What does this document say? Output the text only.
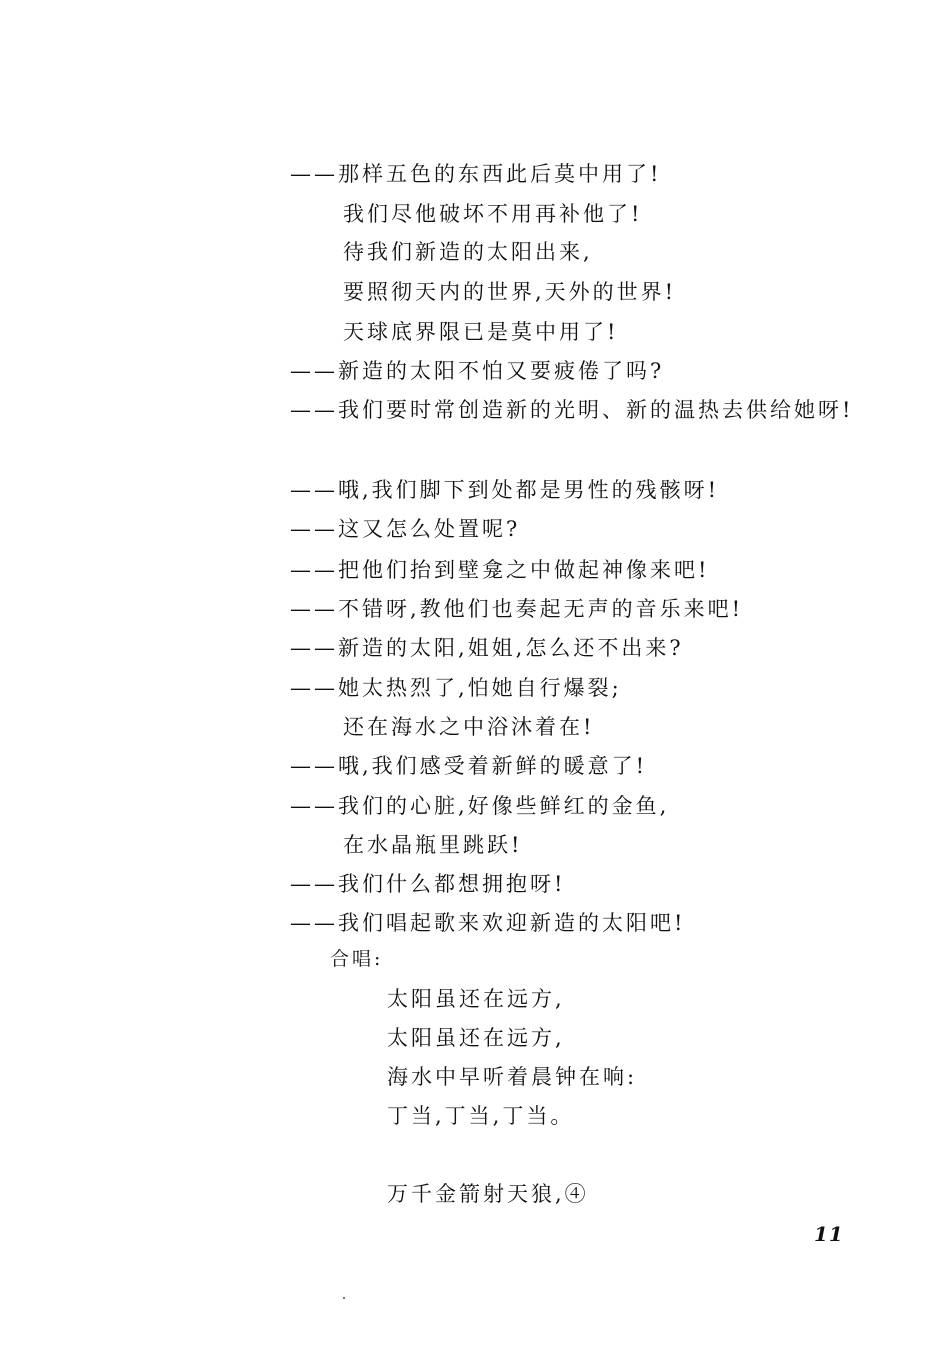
——那样五色的东西此后莫中用了!
我们尽他破坏不用再补他了!
待我们新造的太阳出来,
要照彻天内的世界,天外的世界!
天球底界限已是莫中用了!
——新造的太阳不怕又要疲倦了吗?
——我们要时常创造新的光明、新的温热去供给她呀!
——哦,我们脚下到处都是男性的残骸呀!
——这又怎么处置呢?
——把他们抬到壁龛之中做起神像来吧!
——不错呀,教他们也奏起无声的音乐来吧!
——新造的太阳,姐姐,怎么还不出来?
——她太热烈了,怕她自行爆裂;
还在海水之中浴沐着在!
——哦,我们感受着新鲜的暖意了!
——我们的心脏,好像些鲜红的金鱼,
在水晶瓶里跳跃!
——我们什么都想拥抱呀!
——我们唱起歌来欢迎新造的太阳吧!
合唱:
太阳虽还在远方,
太阳虽还在远方,
海水中早听着晨钟在响:
丁当,丁当,丁当。
万千金箭射天狼,④
11
